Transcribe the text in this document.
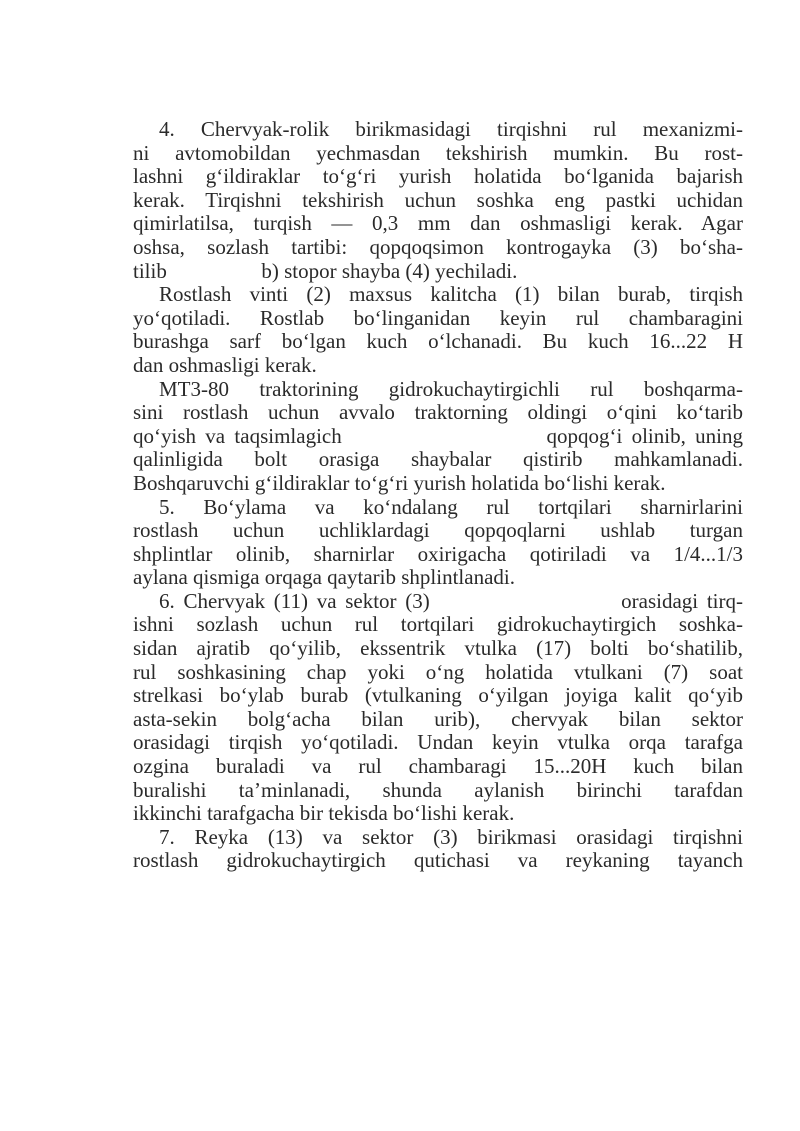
4. Chervyak-rolik birikmasidagi tirqishni rul mexanizmi-
ni avtomobildan yechmasdan tekshirish mumkin. Bu rost-
lashni g‘ildiraklar to‘g‘ri yurish holatida bo‘lganida bajarish
kerak. Tirqishni tekshirish uchun soshka eng pastki uchidan
qimirlatilsa, turqish — 0,3 mm dan oshmasligi kerak. Agar
oshsa, sozlash tartibi: qopqoqsimon kontrogayka (3) bo‘sha-
tilib                  b) stopor shayba (4) yechiladi.
Rostlash vinti (2) maxsus kalitcha (1) bilan burab, tirqish
yo‘qotiladi. Rostlab bo‘linganidan keyin rul chambaragini
burashga sarf bo‘lgan kuch o‘lchanadi. Bu kuch 16...22 H
dan oshmasligi kerak.
MT3-80 traktorining gidrokuchaytirgichli rul boshqarma-
sini rostlash uchun avvalo traktorning oldingi o‘qini ko‘tarib
qo‘yish va taqsimlagich                      qopqog‘i olinib, uning
qalinligida bolt orasiga shaybalar qistirib mahkamlanadi.
Boshqaruvchi g‘ildiraklar to‘g‘ri yurish holatida bo‘lishi kerak.
5. Bo‘ylama va ko‘ndalang rul tortqilari sharnirlarini
rostlash uchun uchliklardagi qopqoqlarni ushlab turgan
shplintlar olinib, sharnirlar oxirigacha qotiriladi va 1/4...1/3
aylana qismiga orqaga qaytarib shplintlanadi.
6. Chervyak (11) va sektor (3)                      orasidagi tirq-
ishni sozlash uchun rul tortqilari gidrokuchaytirgich soshka-
sidan ajratib qo‘yilib, ekssentrik vtulka (17) bolti bo‘shatilib,
rul soshkasining chap yoki o‘ng holatida vtulkani (7) soat
strelkasi bo‘ylab burab (vtulkaning o‘yilgan joyiga kalit qo‘yib
asta-sekin bolg‘acha bilan urib), chervyak bilan sektor
orasidagi tirqish yo‘qotiladi. Undan keyin vtulka orqa tarafga
ozgina buraladi va rul chambaragi 15...20H kuch bilan
buralishi ta’minlanadi, shunda aylanish birinchi tarafdan
ikkinchi tarafgacha bir tekisda bo‘lishi kerak.
7. Reyka (13) va sektor (3) birikmasi orasidagi tirqishni
rostlash gidrokuchaytirgich qutichasi va reykaning tayanch
